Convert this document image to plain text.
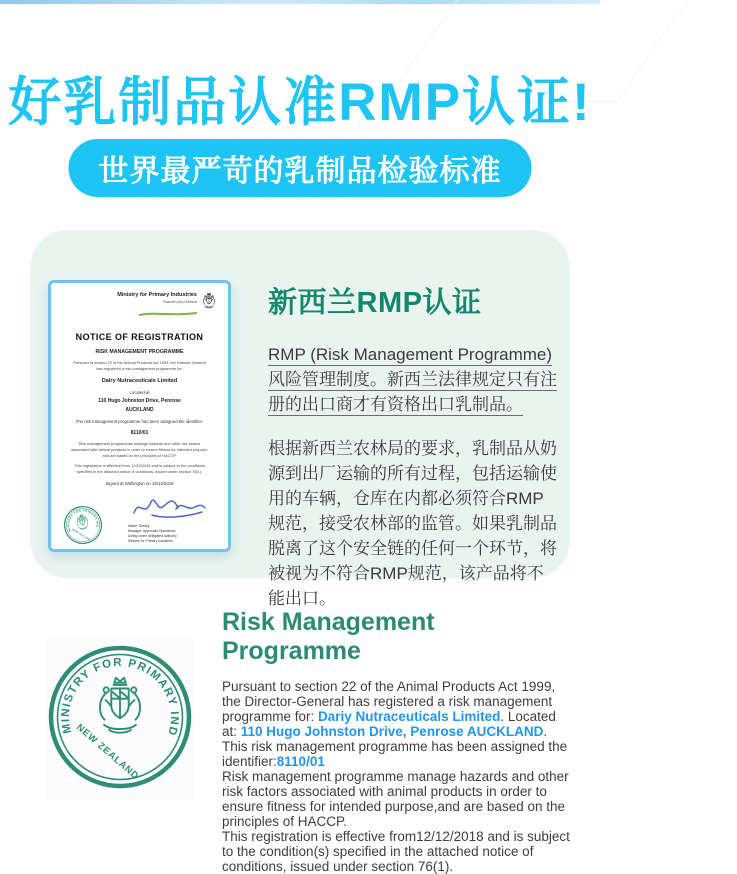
好乳制品认准RMP认证!
世界最严苛的乳制品检验标准
Ministry for Primary Industries
Manatū Ahu Matua
NOTICE OF REGISTRATION
RISK MANAGEMENT PROGRAMME
Pursuant to section 22 of the Animal Products Act 1999, the Director-General has registered a risk management programme for:
Dairy Nutraceuticals Limited
Located at
110 Hugo Johnston Drive, Penrose
AUCKLAND
The risk management programme has been assigned the identifier:
8110/01
Risk management programmes manage hazards and other risk factors associated with animal products in order to ensure fitness for intended purpose, and are based on the principles of HACCP.
This registration is effective from 12/12/2018 and is subject to the conditions specified in the attached notice of conditions, issued under section 76(1).
Signed at Wellington on 19/12/2018
Name: Denley
Manager, Approvals Operations
Acting under delegated authority
Ministry for Primary Industries
新西兰RMP认证

RMP (Risk Management Programme) 风险管理制度。新西兰法律规定只有注册的出口商才有资格出口乳制品。

根据新西兰农林局的要求，乳制品从奶源到出厂运输的所有过程，包括运输使用的车辆，仓库在内都必须符合RMP规范，接受农林部的监管。如果乳制品脱离了这个安全链的任何一个环节，将被视为不符合RMP规范，该产品将不能出口。

Risk Management Programme

Pursuant to section 22 of the Animal Products Act 1999, the Director-General has registered a risk management programme for: Dariy Nutraceuticals Limited. Located at: 110 Hugo Johnston Drive, Penrose AUCKLAND. This risk management programme has been assigned the identifier:8110/01

Risk management programme manage hazards and other risk factors associated with animal products in order to ensure fitness for intended purpose,and are based on the principles of HACCP.

This registration is effective from12/12/2018 and is subject to the condition(s) specified in the attached notice of conditions, issued under section 76(1).
